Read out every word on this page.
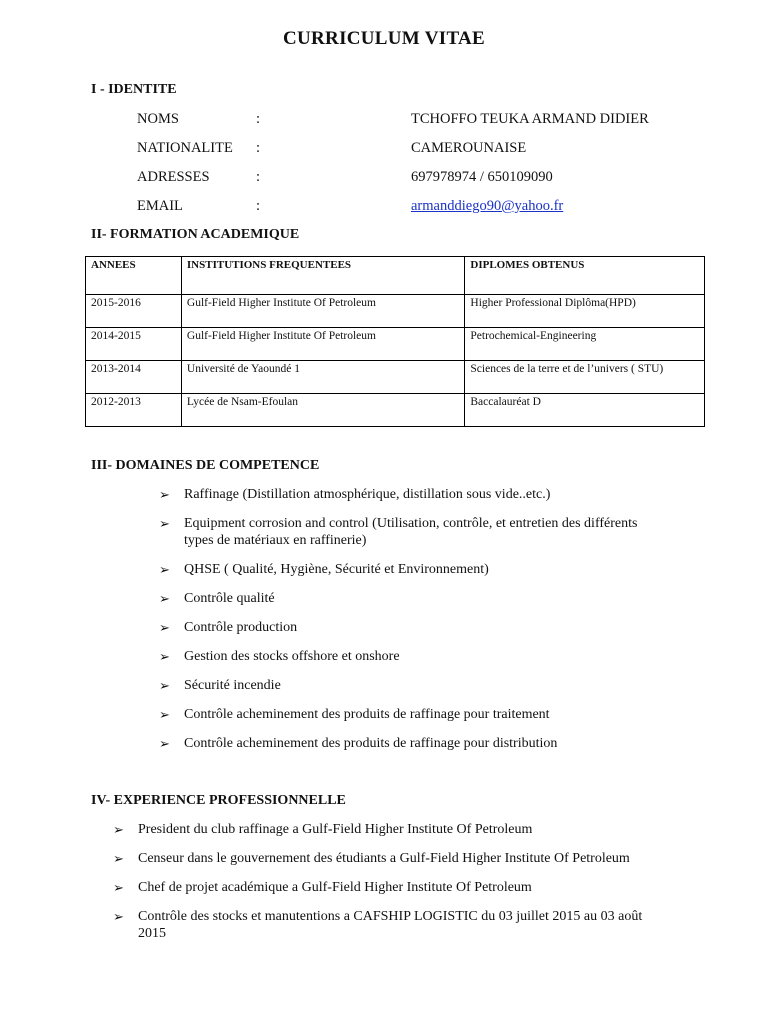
CURRICULUM VITAE
I - IDENTITE
NOMS	:	TCHOFFO TEUKA ARMAND DIDIER
NATIONALITE :	CAMEROUNAISE
ADRESSES	:	697978974 / 650109090
EMAIL	:	armanddiego90@yahoo.fr
II- FORMATION ACADEMIQUE
ANNEES	INSTITUTIONS FREQUENTEES	DIPLOMES OBTENUS
2015-2016	Gulf-Field Higher Institute Of Petroleum	Higher Professional Diplôma(HPD)
2014-2015	Gulf-Field Higher Institute Of Petroleum	Petrochemical-Engineering
2013-2014	Université de Yaoundé 1	Sciences de la terre et de l’univers ( STU)
2012-2013	Lycée de Nsam-Efoulan	Baccalauréat D
III- DOMAINES DE COMPETENCE
➢ Raffinage (Distillation atmosphérique, distillation sous vide..etc.)
➢ Equipment corrosion and control (Utilisation, contrôle, et entretien des différents types de matériaux en raffinerie)
➢ QHSE ( Qualité, Hygiène, Sécurité et Environnement)
➢ Contrôle qualité
➢ Contrôle production
➢ Gestion des stocks offshore et onshore
➢ Sécurité incendie
➢ Contrôle acheminement des produits de raffinage pour traitement
➢ Contrôle acheminement des produits de raffinage pour distribution
IV- EXPERIENCE PROFESSIONNELLE
➢ President du club raffinage a Gulf-Field Higher Institute Of Petroleum
➢ Censeur dans le gouvernement des étudiants a Gulf-Field Higher Institute Of Petroleum
➢ Chef de projet académique a Gulf-Field Higher Institute Of Petroleum
➢ Contrôle des stocks et manutentions a CAFSHIP LOGISTIC du 03 juillet 2015 au 03 août 2015
